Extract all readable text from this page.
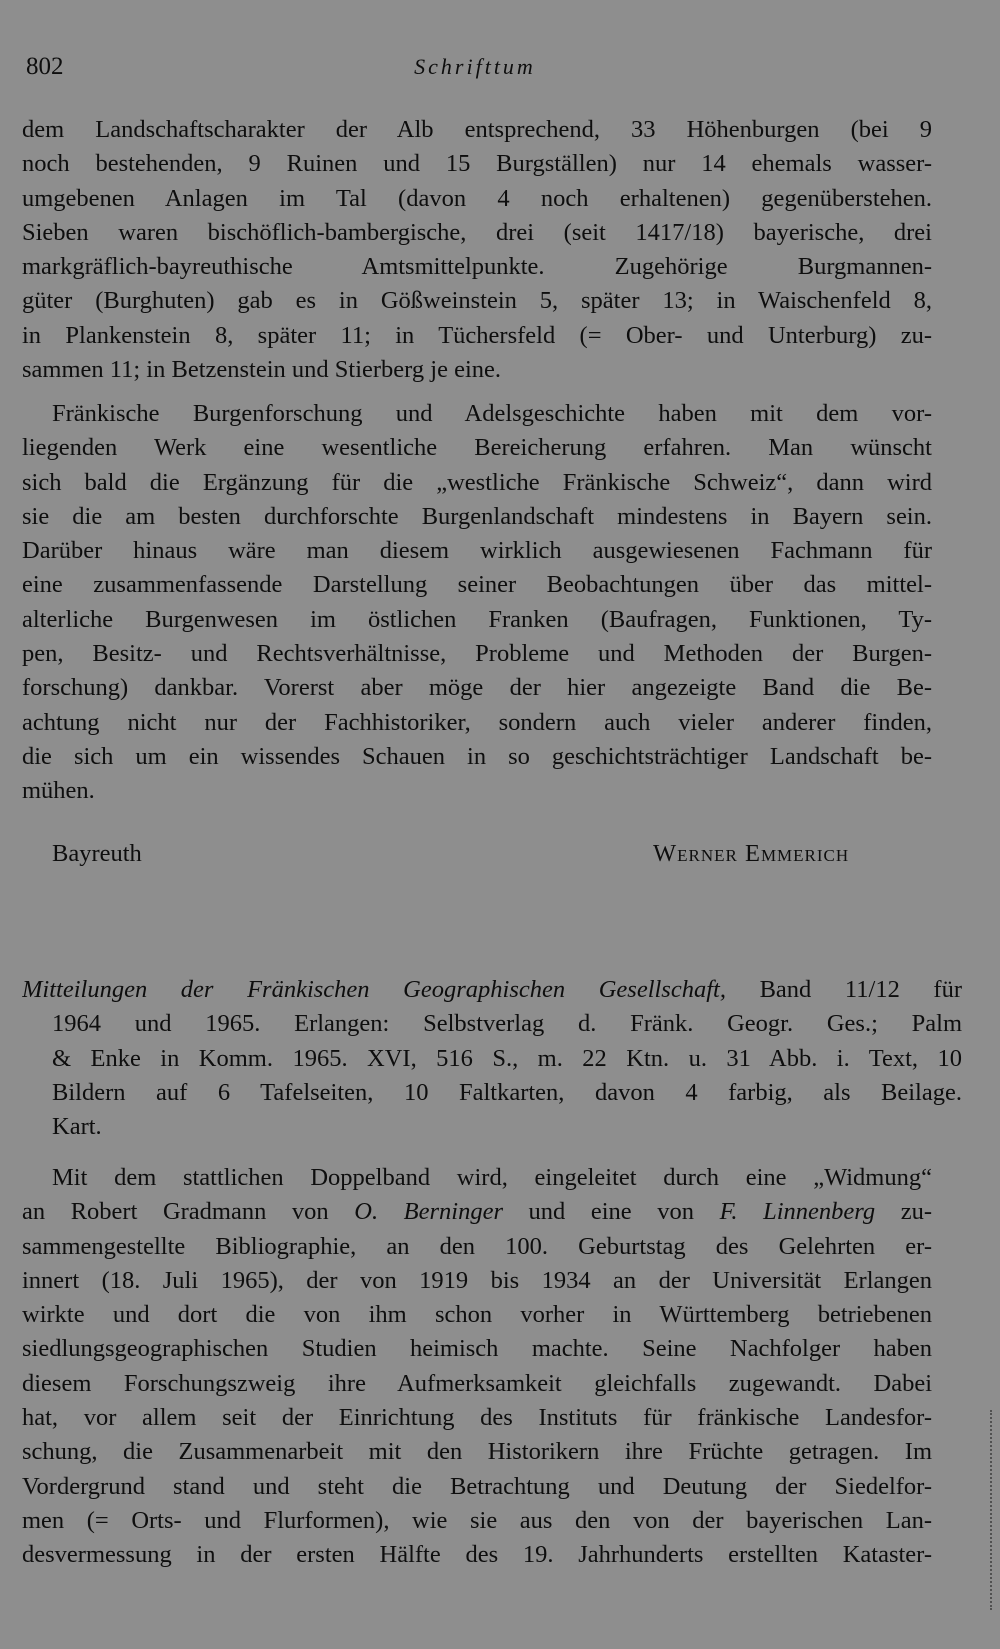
802	Schrifttum
dem Landschaftscharakter der Alb entsprechend, 33 Höhenburgen (bei 9
noch bestehenden, 9 Ruinen und 15 Burgställen) nur 14 ehemals wasser-
umgebenen Anlagen im Tal (davon 4 noch erhaltenen) gegenüberstehen.
Sieben waren bischöflich-bambergische, drei (seit 1417/18) bayerische, drei
markgräflich-bayreuthische Amtsmittelpunkte. Zugehörige Burgmannen-
güter (Burghuten) gab es in Gößweinstein 5, später 13; in Waischenfeld 8,
in Plankenstein 8, später 11; in Tüchersfeld (= Ober- und Unterburg) zu-
sammen 11; in Betzenstein und Stierberg je eine.
Fränkische Burgenforschung und Adelsgeschichte haben mit dem vor-
liegenden Werk eine wesentliche Bereicherung erfahren. Man wünscht
sich bald die Ergänzung für die „westliche Fränkische Schweiz“, dann wird
sie die am besten durchforschte Burgenlandschaft mindestens in Bayern sein.
Darüber hinaus wäre man diesem wirklich ausgewiesenen Fachmann für
eine zusammenfassende Darstellung seiner Beobachtungen über das mittel-
alterliche Burgenwesen im östlichen Franken (Baufragen, Funktionen, Ty-
pen, Besitz- und Rechtsverhältnisse, Probleme und Methoden der Burgen-
forschung) dankbar. Vorerst aber möge der hier angezeigte Band die Be-
achtung nicht nur der Fachhistoriker, sondern auch vieler anderer finden,
die sich um ein wissendes Schauen in so geschichtsträchtiger Landschaft be-
mühen.
Bayreuth	Werner Emmerich
Mitteilungen der Fränkischen Geographischen Gesellschaft, Band 11/12 für
1964 und 1965. Erlangen: Selbstverlag d. Fränk. Geogr. Ges.; Palm
& Enke in Komm. 1965. XVI, 516 S., m. 22 Ktn. u. 31 Abb. i. Text, 10
Bildern auf 6 Tafelseiten, 10 Faltkarten, davon 4 farbig, als Beilage.
Kart.
Mit dem stattlichen Doppelband wird, eingeleitet durch eine „Widmung“
an Robert Gradmann von O. Berninger und eine von F. Linnenberg zu-
sammengestellte Bibliographie, an den 100. Geburtstag des Gelehrten er-
innert (18. Juli 1965), der von 1919 bis 1934 an der Universität Erlangen
wirkte und dort die von ihm schon vorher in Württemberg betriebenen
siedlungsgeographischen Studien heimisch machte. Seine Nachfolger haben
diesem Forschungszweig ihre Aufmerksamkeit gleichfalls zugewandt. Dabei
hat, vor allem seit der Einrichtung des Instituts für fränkische Landesfor-
schung, die Zusammenarbeit mit den Historikern ihre Früchte getragen. Im
Vordergrund stand und steht die Betrachtung und Deutung der Siedelfor-
men (= Orts- und Flurformen), wie sie aus den von der bayerischen Lan-
desvermessung in der ersten Hälfte des 19. Jahrhunderts erstellten Kataster-
